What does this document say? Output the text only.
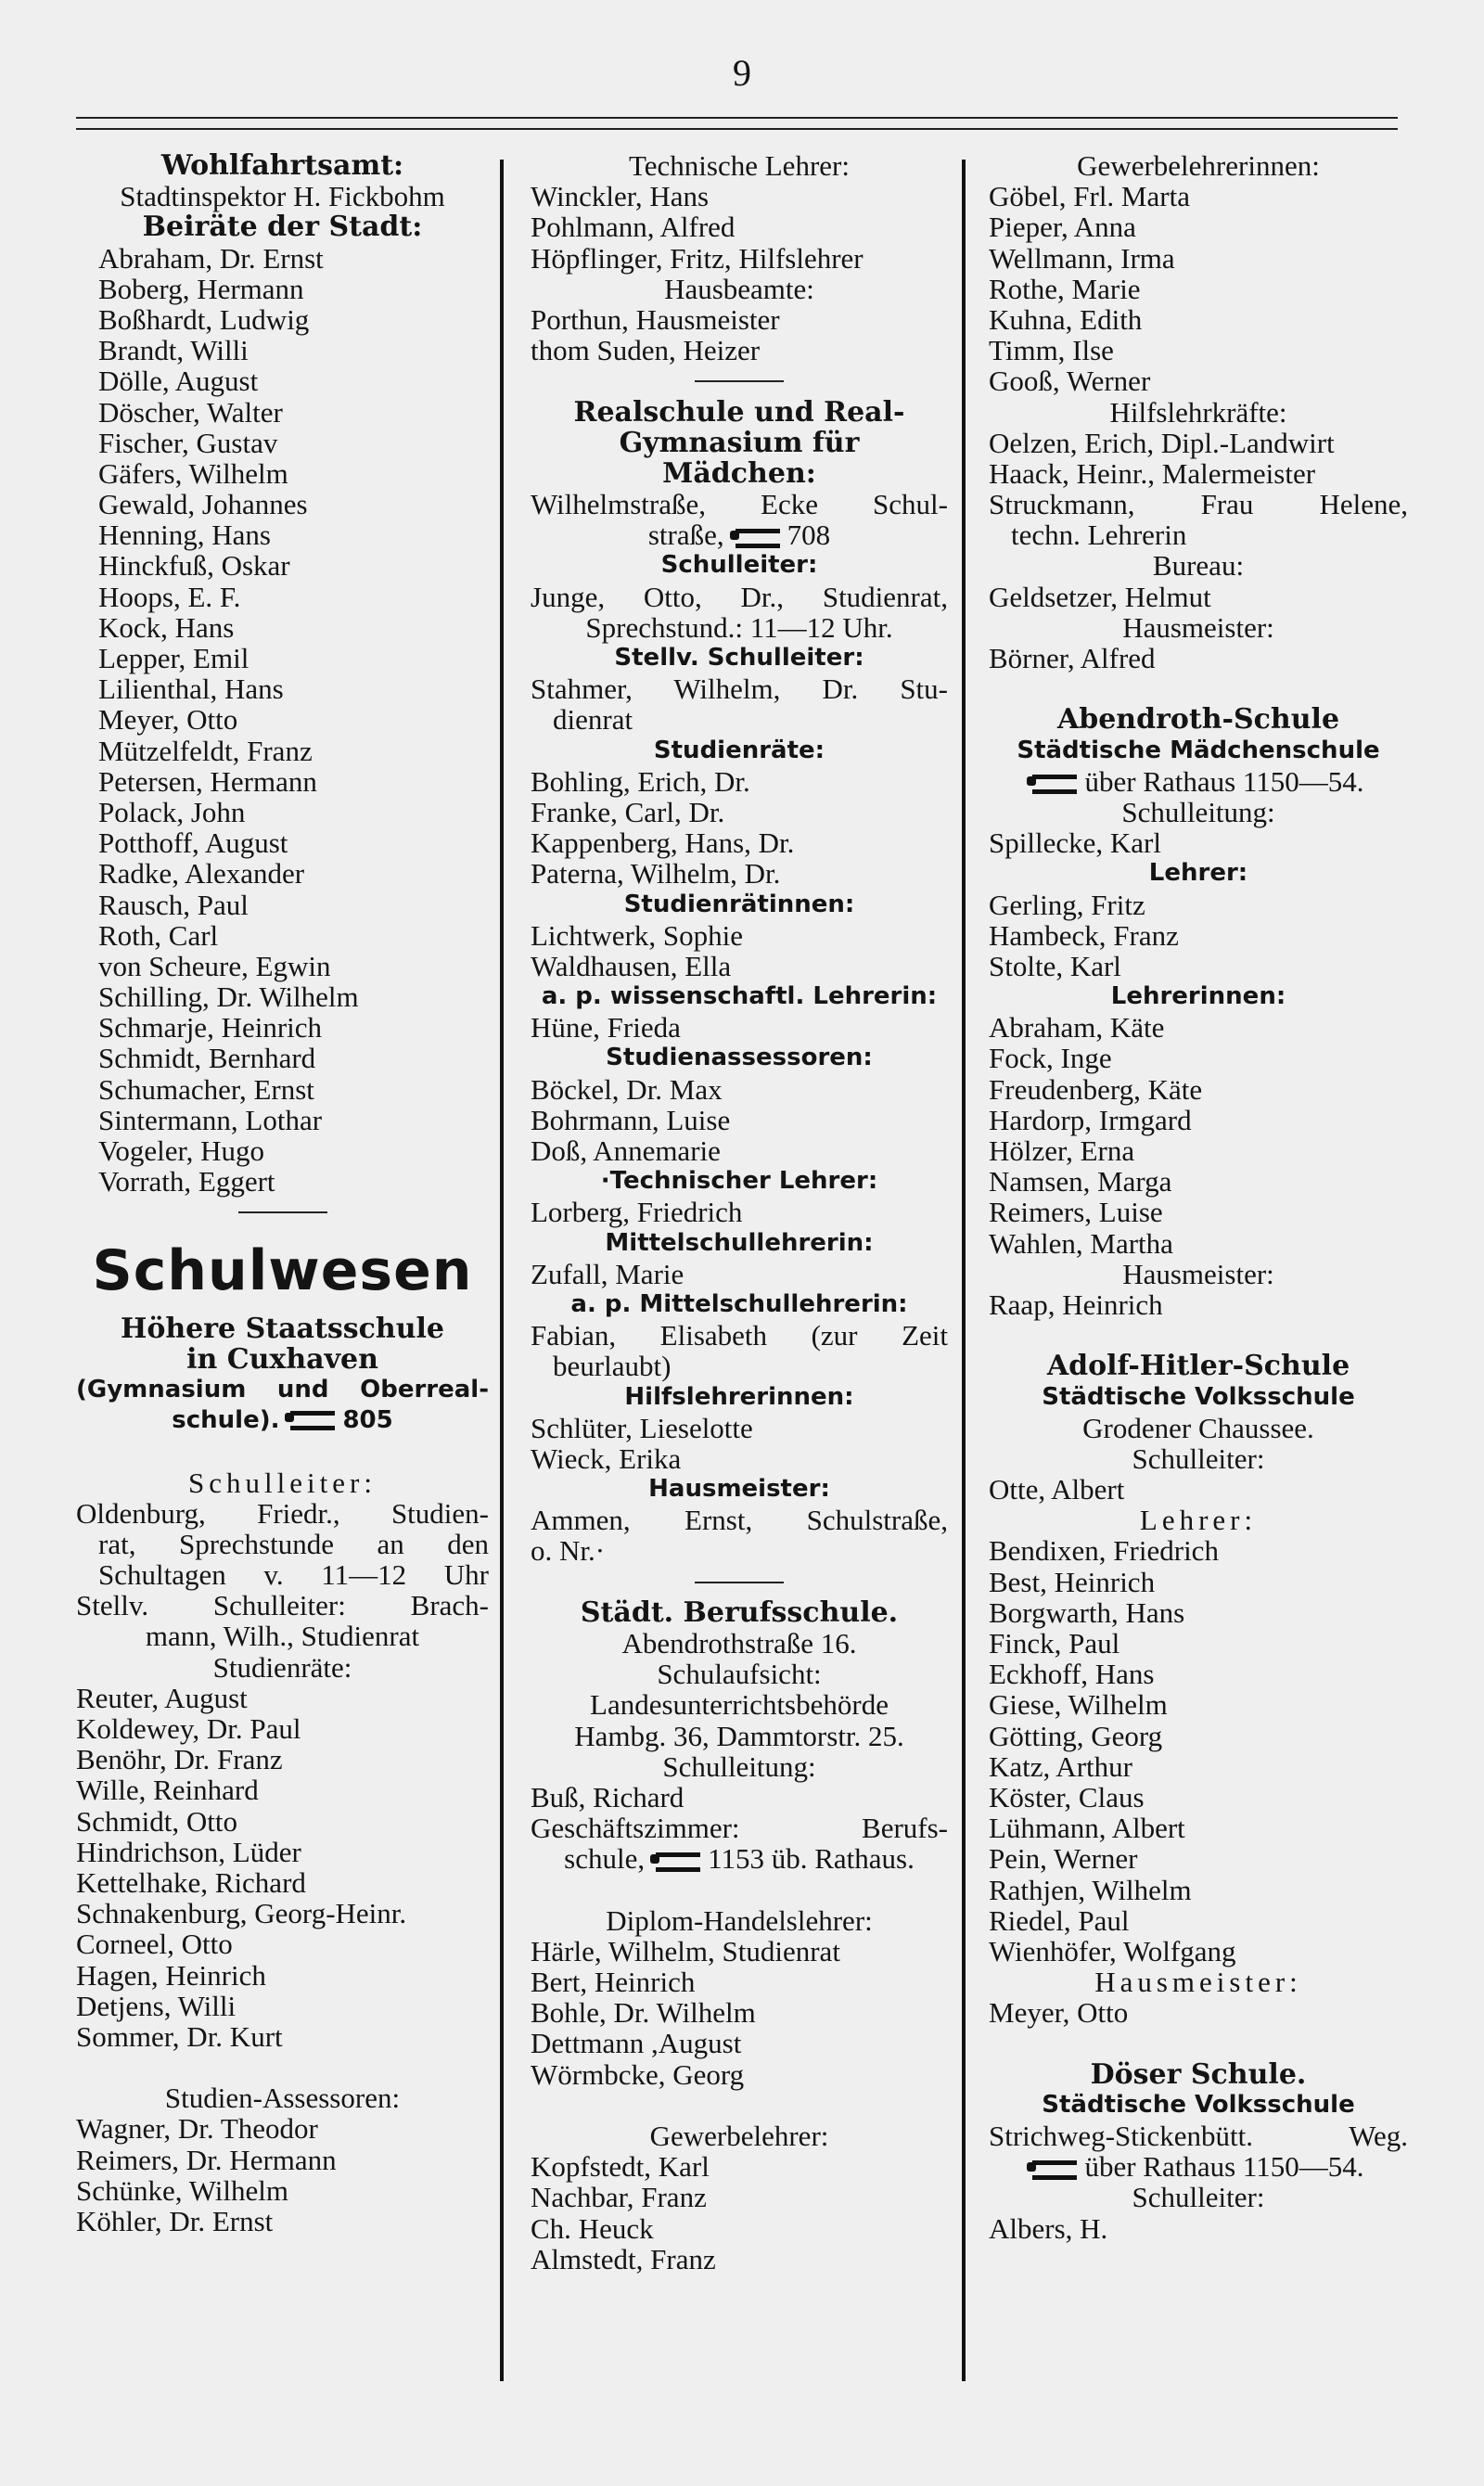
9
Wohlfahrtsamt:
Stadtinspektor H. Fickbohm
Beiräte der Stadt:
Abraham, Dr. Ernst
Boberg, Hermann
Boßhardt, Ludwig
Brandt, Willi
Dölle, August
Döscher, Walter
Fischer, Gustav
Gäfers, Wilhelm
Gewald, Johannes
Henning, Hans
Hinckfuß, Oskar
Hoops, E. F.
Kock, Hans
Lepper, Emil
Lilienthal, Hans
Meyer, Otto
Mützelfeldt, Franz
Petersen, Hermann
Polack, John
Potthoff, August
Radke, Alexander
Rausch, Paul
Roth, Carl
von Scheure, Egwin
Schilling, Dr. Wilhelm
Schmarje, Heinrich
Schmidt, Bernhard
Schumacher, Ernst
Sintermann, Lothar
Vogeler, Hugo
Vorrath, Eggert
Schulwesen
Höhere Staatsschule
in Cuxhaven
(Gymnasium und Oberreal-
schule).	805
Schulleiter:
Oldenburg, Friedr., Studien-
rat, Sprechstunde an den
Schultagen v. 11—12 Uhr
Stellv. Schulleiter: Brach-
mann, Wilh., Studienrat
Studienräte:
Reuter, August
Koldewey, Dr. Paul
Benöhr, Dr. Franz
Wille, Reinhard
Schmidt, Otto
Hindrichson, Lüder
Kettelhake, Richard
Schnakenburg, Georg-Heinr.
Corneel, Otto
Hagen, Heinrich
Detjens, Willi
Sommer, Dr. Kurt
Studien-Assessoren:
Wagner, Dr. Theodor
Reimers, Dr. Hermann
Schünke, Wilhelm
Köhler, Dr. Ernst
Technische Lehrer:
Winckler, Hans
Pohlmann, Alfred
Höpflinger, Fritz, Hilfslehrer
Hausbeamte:
Porthun, Hausmeister
thom Suden, Heizer
Realschule und Real-
Gymnasium für
Mädchen:
Wilhelmstraße, Ecke Schul-
straße, 708
Schulleiter:
Junge, Otto, Dr., Studienrat,
Sprechstund.: 11—12 Uhr.
Stellv. Schulleiter:
Stahmer, Wilhelm, Dr. Stu-
dienrat
Studienräte:
Bohling, Erich, Dr.
Franke, Carl, Dr.
Kappenberg, Hans, Dr.
Paterna, Wilhelm, Dr.
Studienrätinnen:
Lichtwerk, Sophie
Waldhausen, Ella
a. p. wissenschaftl. Lehrerin:
Hüne, Frieda
Studienassessoren:
Böckel, Dr. Max
Bohrmann, Luise
Doß, Annemarie
·Technischer Lehrer:
Lorberg, Friedrich
Mittelschullehrerin:
Zufall, Marie
a. p. Mittelschullehrerin:
Fabian, Elisabeth (zur Zeit
beurlaubt)
Hilfslehrerinnen:
Schlüter, Lieselotte
Wieck, Erika
Hausmeister:
Ammen, Ernst, Schulstraße,
o. Nr.·
Städt. Berufsschule.
Abendrothstraße 16.
Schulaufsicht:
Landesunterrichtsbehörde
Hambg. 36, Dammtorstr. 25.
Schulleitung:
Buß, Richard
Geschäftszimmer: Berufs-
schule, 1153 üb. Rathaus.
Diplom-Handelslehrer:
Härle, Wilhelm, Studienrat
Bert, Heinrich
Bohle, Dr. Wilhelm
Dettmann ,August
Wörmbcke, Georg
Gewerbelehrer:
Kopfstedt, Karl
Nachbar, Franz
Ch. Heuck
Almstedt, Franz
Gewerbelehrerinnen:
Göbel, Frl. Marta
Pieper, Anna
Wellmann, Irma
Rothe, Marie
Kuhna, Edith
Timm, Ilse
Gooß, Werner
Hilfslehrkräfte:
Oelzen, Erich, Dipl.-Landwirt
Haack, Heinr., Malermeister
Struckmann, Frau Helene,
techn. Lehrerin
Bureau:
Geldsetzer, Helmut
Hausmeister:
Börner, Alfred
Abendroth-Schule
Städtische Mädchenschule
über Rathaus 1150—54.
Schulleitung:
Spillecke, Karl
Lehrer:
Gerling, Fritz
Hambeck, Franz
Stolte, Karl
Lehrerinnen:
Abraham, Käte
Fock, Inge
Freudenberg, Käte
Hardorp, Irmgard
Hölzer, Erna
Namsen, Marga
Reimers, Luise
Wahlen, Martha
Hausmeister:
Raap, Heinrich
Adolf-Hitler-Schule
Städtische Volksschule
Grodener Chaussee.
Schulleiter:
Otte, Albert
Lehrer:
Bendixen, Friedrich
Best, Heinrich
Borgwarth, Hans
Finck, Paul
Eckhoff, Hans
Giese, Wilhelm
Götting, Georg
Katz, Arthur
Köster, Claus
Lühmann, Albert
Pein, Werner
Rathjen, Wilhelm
Riedel, Paul
Wienhöfer, Wolfgang
Hausmeister:
Meyer, Otto
Döser Schule.
Städtische Volksschule
Strichweg-Stickenbütt. Weg.
über Rathaus 1150—54.
Schulleiter:
Albers, H.
